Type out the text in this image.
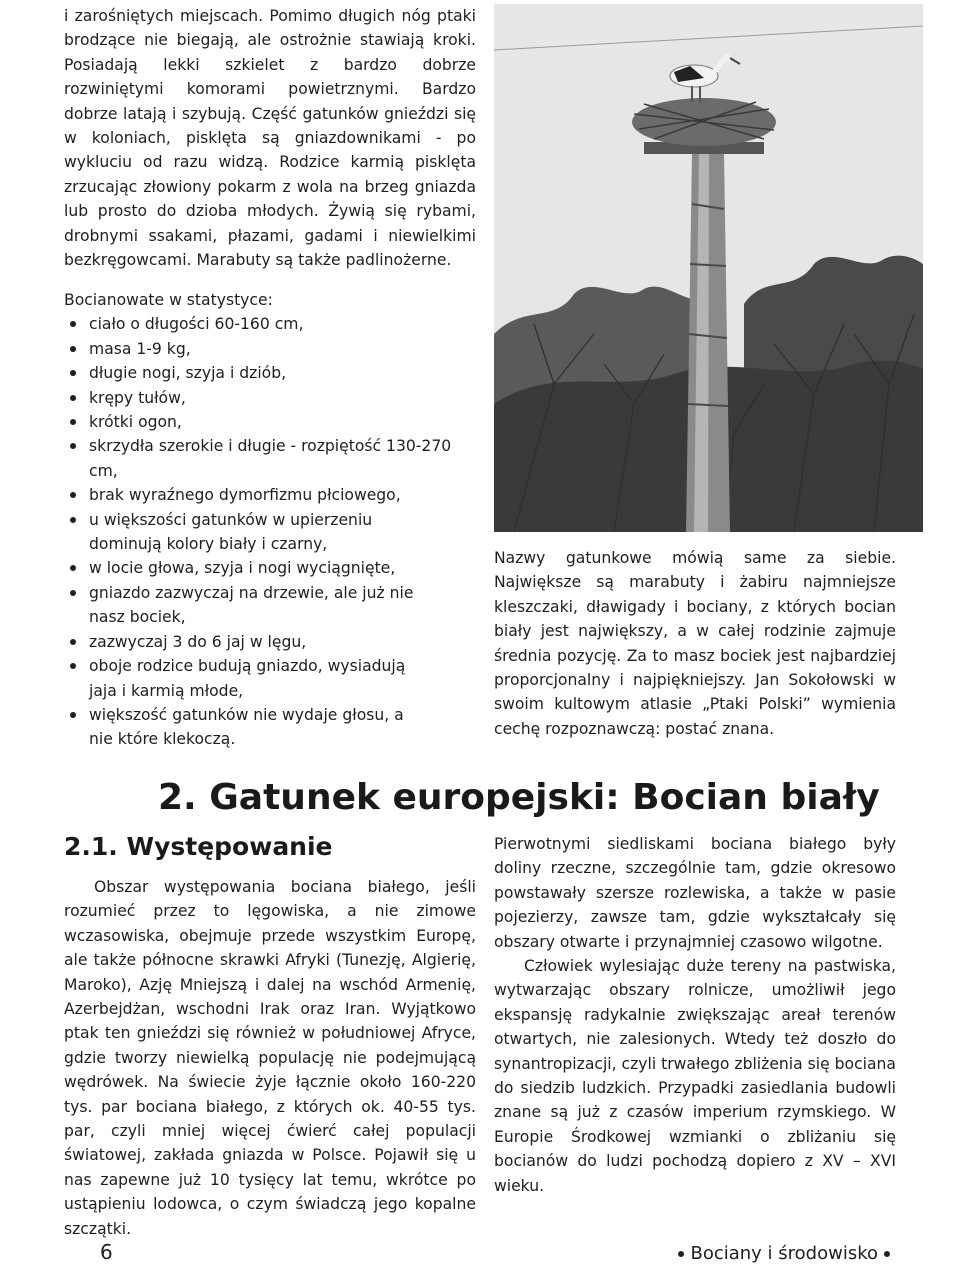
i zarośniętych miejscach. Pomimo długich nóg ptaki brodzące nie biegają, ale ostrożnie stawiają kroki. Posiadają lekki szkielet z bardzo dobrze rozwiniętymi komorami powietrznymi. Bardzo dobrze latają i szybują. Część gatunków gnieździ się w koloniach, pisklęta są gniazdownikami - po wykluciu od razu widzą. Rodzice karmią pisklęta zrzucając złowiony pokarm z wola na brzeg gniazda lub prosto do dzioba młodych. Żywią się rybami, drobnymi ssakami, płazami, gadami i niewielkimi bezkręgowcami. Marabuty są także padlinożerne.

Bocianowate w statystyce:

ciało o długości 60-160 cm,
masa 1-9 kg,
długie nogi, szyja i dziób,
krępy tułów,
krótki ogon,
skrzydła szerokie i długie - rozpiętość 130-270 cm,
brak wyraźnego dymorfizmu płciowego,
u większości gatunków w upierzeniu dominują kolory biały i czarny,
w locie głowa, szyja i nogi wyciągnięte,
gniazdo zazwyczaj na drzewie, ale już nie nasz bociek,
zazwyczaj 3 do 6 jaj w lęgu,
oboje rodzice budują gniazdo, wysiadują jaja i karmią młode,
większość gatunków nie wydaje głosu, a nie które klekoczą.

Nazwy gatunkowe mówią same za siebie. Największe są marabuty i żabiru najmniejsze kleszczaki, dławigady i bociany, z których bocian biały jest największy, a w całej rodzinie zajmuje średnia pozycję. Za to masz bociek jest najbardziej proporcjonalny i najpiękniejszy. Jan Sokołowski w swoim kultowym atlasie „Ptaki Polski” wymienia cechę rozpoznawczą: postać znana.

2. Gatunek europejski: Bocian biały
2.1. Występowanie

Obszar występowania bociana białego, jeśli rozumieć przez to lęgowiska, a nie zimowe wczasowiska, obejmuje przede wszystkim Europę, ale także północne skrawki Afryki (Tunezję, Algierię, Maroko), Azję Mniejszą i dalej na wschód Armenię, Azerbejdżan, wschodni Irak oraz Iran. Wyjątkowo ptak ten gnieździ się również w południowej Afryce, gdzie tworzy niewielką populację nie podejmującą wędrówek. Na świecie żyje łącznie około 160-220 tys. par bociana białego, z których ok. 40-55 tys. par, czyli mniej więcej ćwierć całej populacji światowej, zakłada gniazda w Polsce. Pojawił się u nas zapewne już 10 tysięcy lat temu, wkrótce po ustąpieniu lodowca, o czym świadczą jego kopalne szczątki.

Pierwotnymi siedliskami bociana białego były doliny rzeczne, szczególnie tam, gdzie okresowo powstawały szersze rozlewiska, a także w pasie pojezierzy, zawsze tam, gdzie wykształcały się obszary otwarte i przynajmniej czasowo wilgotne.

Człowiek wylesiając duże tereny na pastwiska, wytwarzając obszary rolnicze, umożliwił jego ekspansję radykalnie zwiększając areał terenów otwartych, nie zalesionych. Wtedy też doszło do synantropizacji, czyli trwałego zbliżenia się bociana do siedzib ludzkich. Przypadki zasiedlania budowli znane są już z czasów imperium rzymskiego. W Europie Środkowej wzmianki o zbliżaniu się bocianów do ludzi pochodzą dopiero z XV – XVI wieku.

6	Bociany i środowisko
